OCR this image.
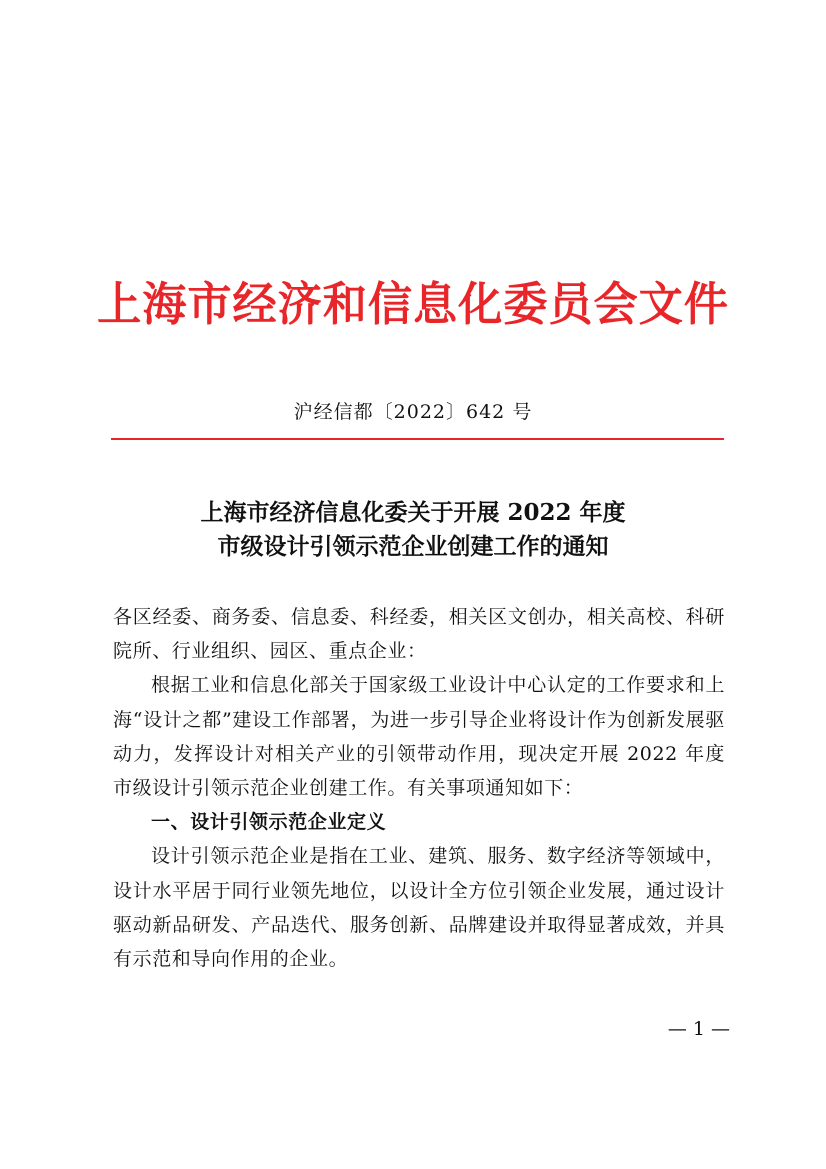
上海市经济和信息化委员会文件
沪经信都〔2022〕642 号
上海市经济信息化委关于开展 2022 年度
市级设计引领示范企业创建工作的通知

各区经委、商务委、信息委、科经委，相关区文创办，相关高校、科研院所、行业组织、园区、重点企业：

根据工业和信息化部关于国家级工业设计中心认定的工作要求和上海“设计之都”建设工作部署，为进一步引导企业将设计作为创新发展驱动力，发挥设计对相关产业的引领带动作用，现决定开展 2022 年度市级设计引领示范企业创建工作。有关事项通知如下：

一、设计引领示范企业定义

设计引领示范企业是指在工业、建筑、服务、数字经济等领域中，设计水平居于同行业领先地位，以设计全方位引领企业发展，通过设计驱动新品研发、产品迭代、服务创新、品牌建设并取得显著成效，并具有示范和导向作用的企业。

— 1 —
